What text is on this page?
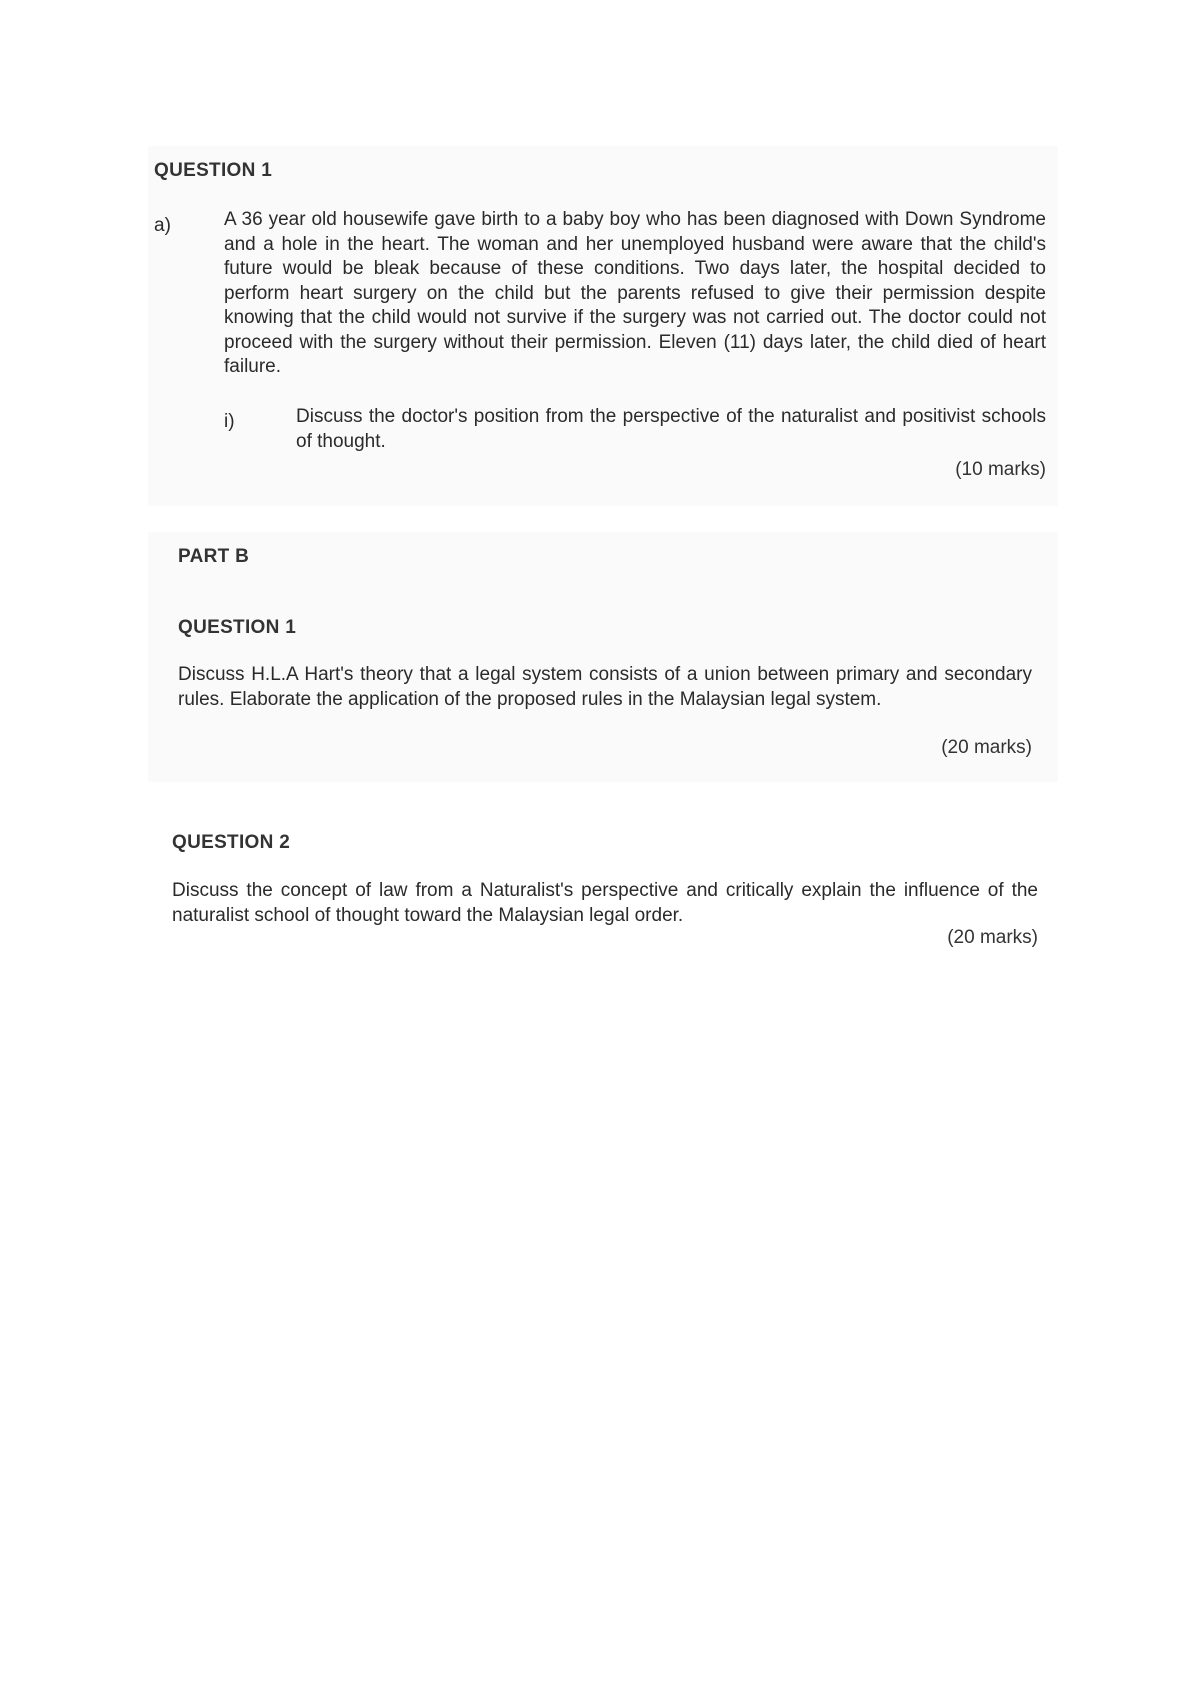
QUESTION 1
a)	A 36 year old housewife gave birth to a baby boy who has been diagnosed with Down Syndrome and a hole in the heart. The woman and her unemployed husband were aware that the child's future would be bleak because of these conditions. Two days later, the hospital decided to perform heart surgery on the child but the parents refused to give their permission despite knowing that the child would not survive if the surgery was not carried out. The doctor could not proceed with the surgery without their permission. Eleven (11) days later, the child died of heart failure.
i)	Discuss the doctor's position from the perspective of the naturalist and positivist schools of thought.
(10 marks)
PART B
QUESTION 1
Discuss H.L.A Hart's theory that a legal system consists of a union between primary and secondary rules. Elaborate the application of the proposed rules in the Malaysian legal system.
(20 marks)
QUESTION 2
Discuss the concept of law from a Naturalist's perspective and critically explain the influence of the naturalist school of thought toward the Malaysian legal order.
(20 marks)
